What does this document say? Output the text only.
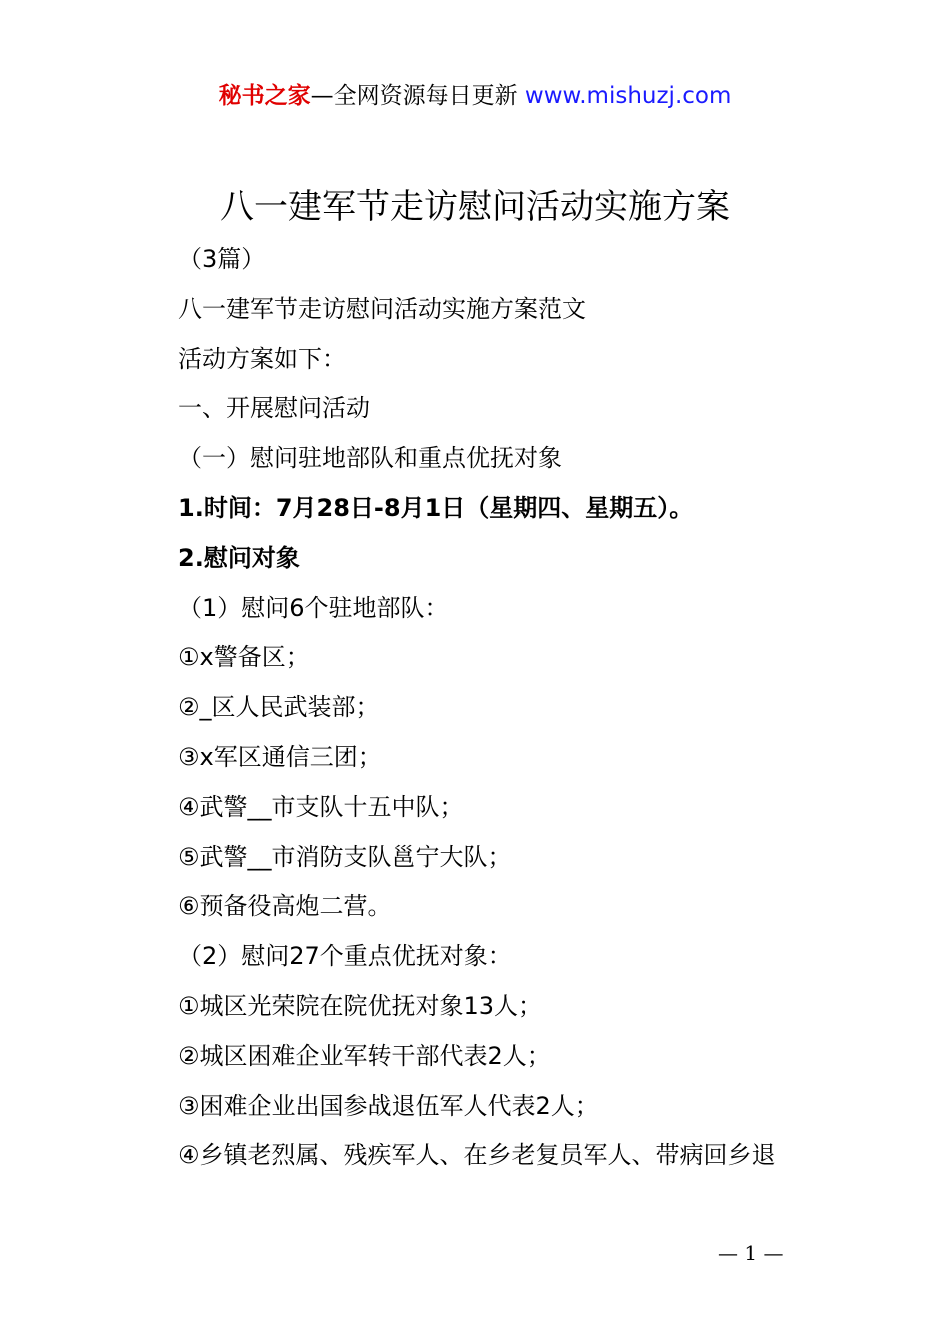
秘书之家—全网资源每日更新 www.mishuzj.com
八一建军节走访慰问活动实施方案
（3篇）
八一建军节走访慰问活动实施方案范文
活动方案如下：
一、开展慰问活动
（一）慰问驻地部队和重点优抚对象
1.时间：7月28日-8月1日（星期四、星期五）。
2.慰问对象
（1）慰问6个驻地部队：
①x警备区；
②_区人民武装部；
③x军区通信三团；
④武警__市支队十五中队；
⑤武警__市消防支队邕宁大队；
⑥预备役高炮二营。
（2）慰问27个重点优抚对象：
①城区光荣院在院优抚对象13人；
②城区困难企业军转干部代表2人；
③困难企业出国参战退伍军人代表2人；
④乡镇老烈属、残疾军人、在乡老复员军人、带病回乡退
— 1 —
